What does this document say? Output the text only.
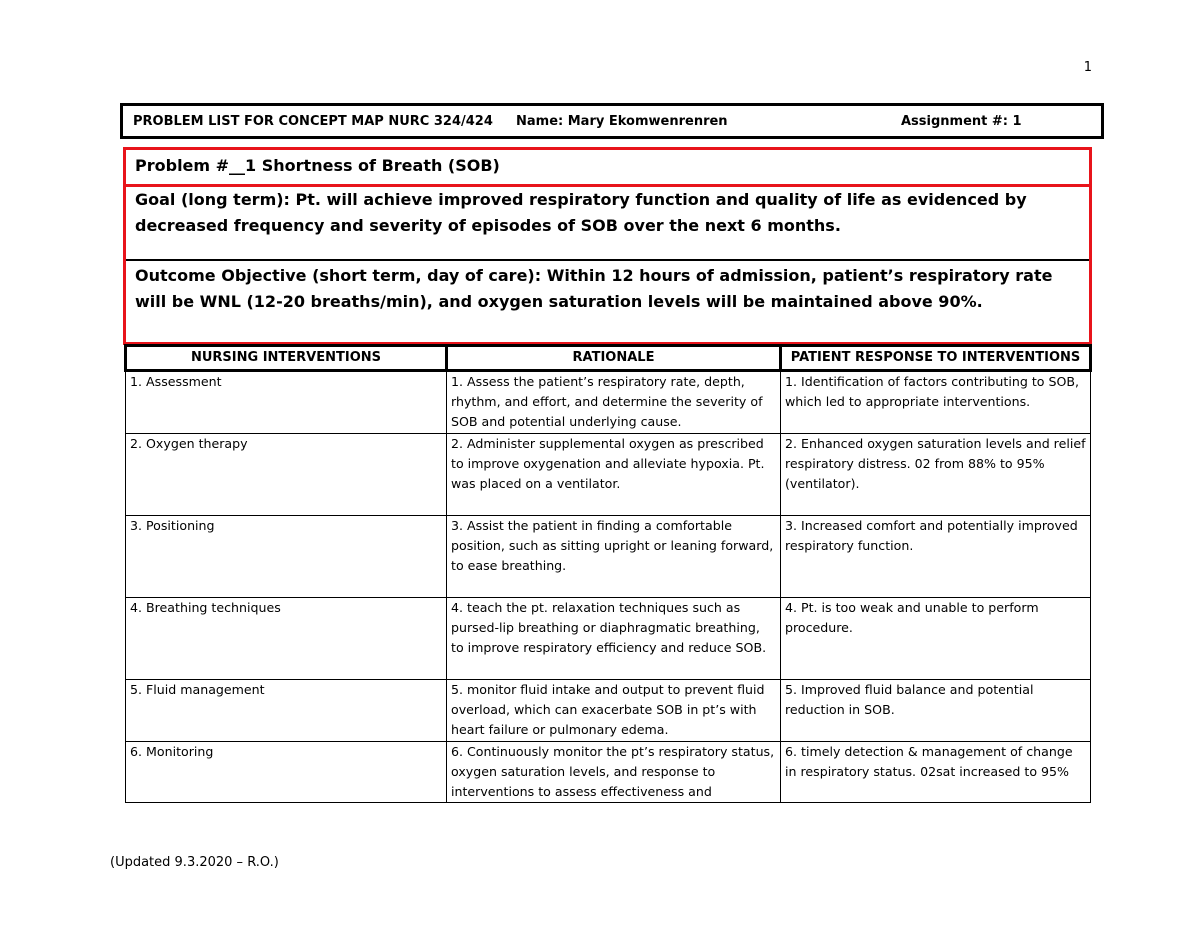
1
PROBLEM LIST FOR CONCEPT MAP NURC 324/424 Name: Mary Ekomwenrenren	Assignment #: 1
Problem #__1 Shortness of Breath (SOB)
Goal (long term): Pt. will achieve improved respiratory function and quality of life as evidenced by decreased frequency and severity of episodes of SOB over the next 6 months.
Outcome Objective (short term, day of care): Within 12 hours of admission, patient’s respiratory rate will be WNL (12-20 breaths/min), and oxygen saturation levels will be maintained above 90%.
NURSING INTERVENTIONS	RATIONALE	PATIENT RESPONSE TO INTERVENTIONS
1. Assessment	1. Assess the patient’s respiratory rate, depth, rhythm, and effort, and determine the severity of SOB and potential underlying cause.	1. Identification of factors contributing to SOB, which led to appropriate interventions.
2. Oxygen therapy	2. Administer supplemental oxygen as prescribed to improve oxygenation and alleviate hypoxia. Pt. was placed on a ventilator.	2. Enhanced oxygen saturation levels and relief respiratory distress. 02 from 88% to 95% (ventilator).
3. Positioning	3. Assist the patient in finding a comfortable position, such as sitting upright or leaning forward, to ease breathing.	3. Increased comfort and potentially improved respiratory function.
4. Breathing techniques	4. teach the pt. relaxation techniques such as pursed-lip breathing or diaphragmatic breathing, to improve respiratory efficiency and reduce SOB.	4. Pt. is too weak and unable to perform procedure.
5. Fluid management	5. monitor fluid intake and output to prevent fluid overload, which can exacerbate SOB in pt’s with heart failure or pulmonary edema.	5. Improved fluid balance and potential reduction in SOB.
6. Monitoring	6. Continuously monitor the pt’s respiratory status, oxygen saturation levels, and response to interventions to assess effectiveness and	6. timely detection & management of change in respiratory status. 02sat increased to 95%
(Updated 9.3.2020 – R.O.)
